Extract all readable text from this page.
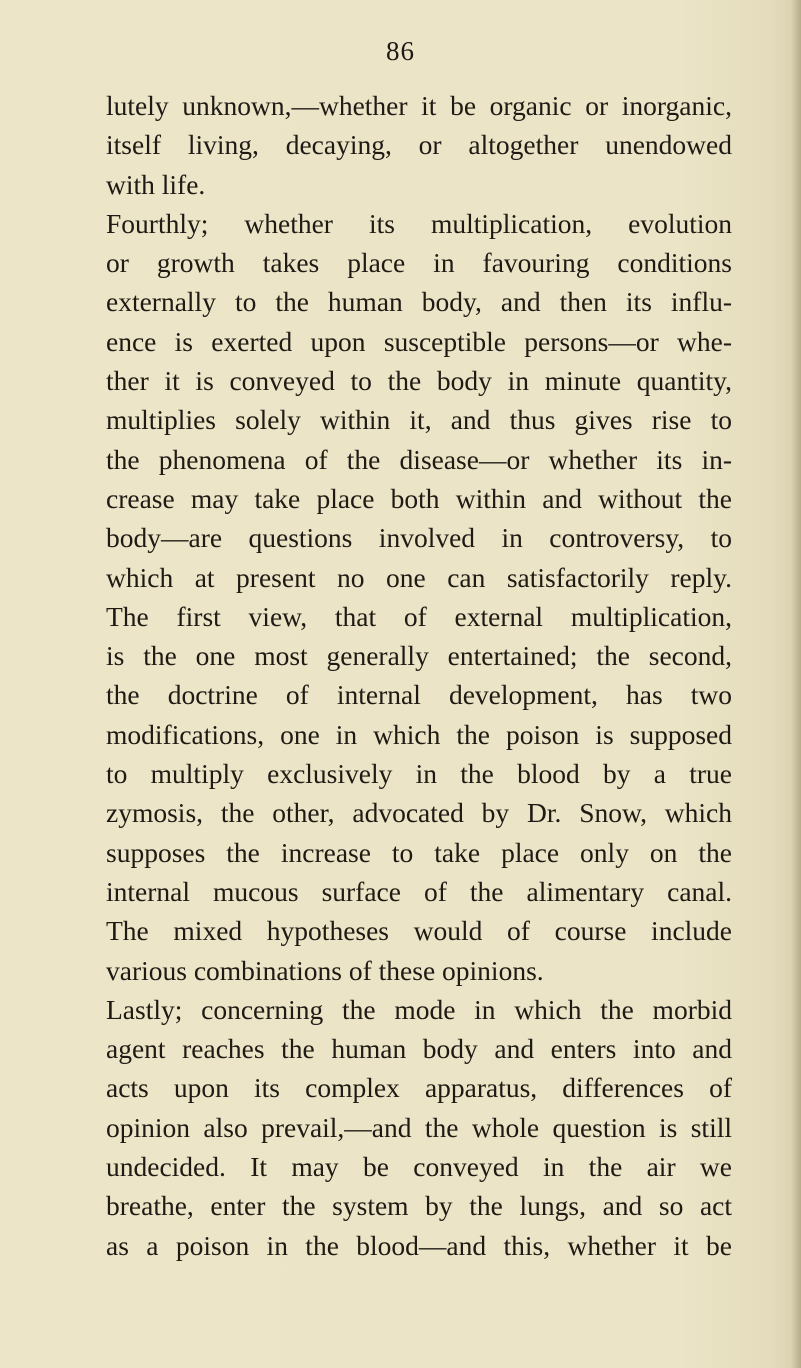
86
lutely unknown,—whether it be organic or inorganic,
itself living, decaying, or altogether unendowed
with life.
Fourthly; whether its multiplication, evolution
or growth takes place in favouring conditions
externally to the human body, and then its influ-
ence is exerted upon susceptible persons—or whe-
ther it is conveyed to the body in minute quantity,
multiplies solely within it, and thus gives rise to
the phenomena of the disease—or whether its in-
crease may take place both within and without the
body—are questions involved in controversy, to
which at present no one can satisfactorily reply.
The first view, that of external multiplication,
is the one most generally entertained; the second,
the doctrine of internal development, has two
modifications, one in which the poison is supposed
to multiply exclusively in the blood by a true
zymosis, the other, advocated by Dr. Snow, which
supposes the increase to take place only on the
internal mucous surface of the alimentary canal.
The mixed hypotheses would of course include
various combinations of these opinions.
Lastly; concerning the mode in which the morbid
agent reaches the human body and enters into and
acts upon its complex apparatus, differences of
opinion also prevail,—and the whole question is still
undecided. It may be conveyed in the air we
breathe, enter the system by the lungs, and so act
as a poison in the blood—and this, whether it be
